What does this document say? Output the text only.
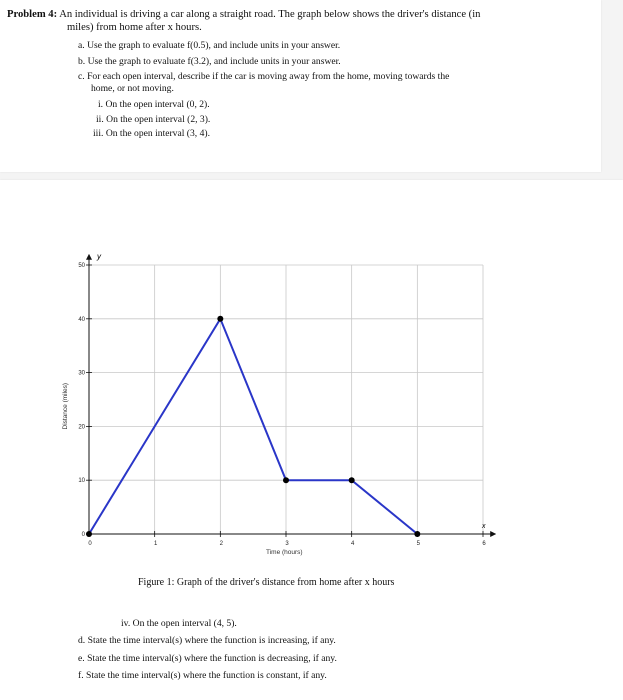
Problem 4: An individual is driving a car along a straight road. The graph below shows the driver's distance (in
miles) from home after x hours.
a. Use the graph to evaluate f(0.5), and include units in your answer.
b. Use the graph to evaluate f(3.2), and include units in your answer.
c. For each open interval, describe if the car is moving away from the home, moving towards the
home, or not moving.
i. On the open interval (0, 2).
ii. On the open interval (2, 3).
iii. On the open interval (3, 4).
0	1	2	3	4	5	6
0
10
20
30
40
50
Distance (miles)
Time (hours)
y
x
Figure 1: Graph of the driver's distance from home after x hours
iv. On the open interval (4, 5).
d. State the time interval(s) where the function is increasing, if any.
e. State the time interval(s) where the function is decreasing, if any.
f. State the time interval(s) where the function is constant, if any.
